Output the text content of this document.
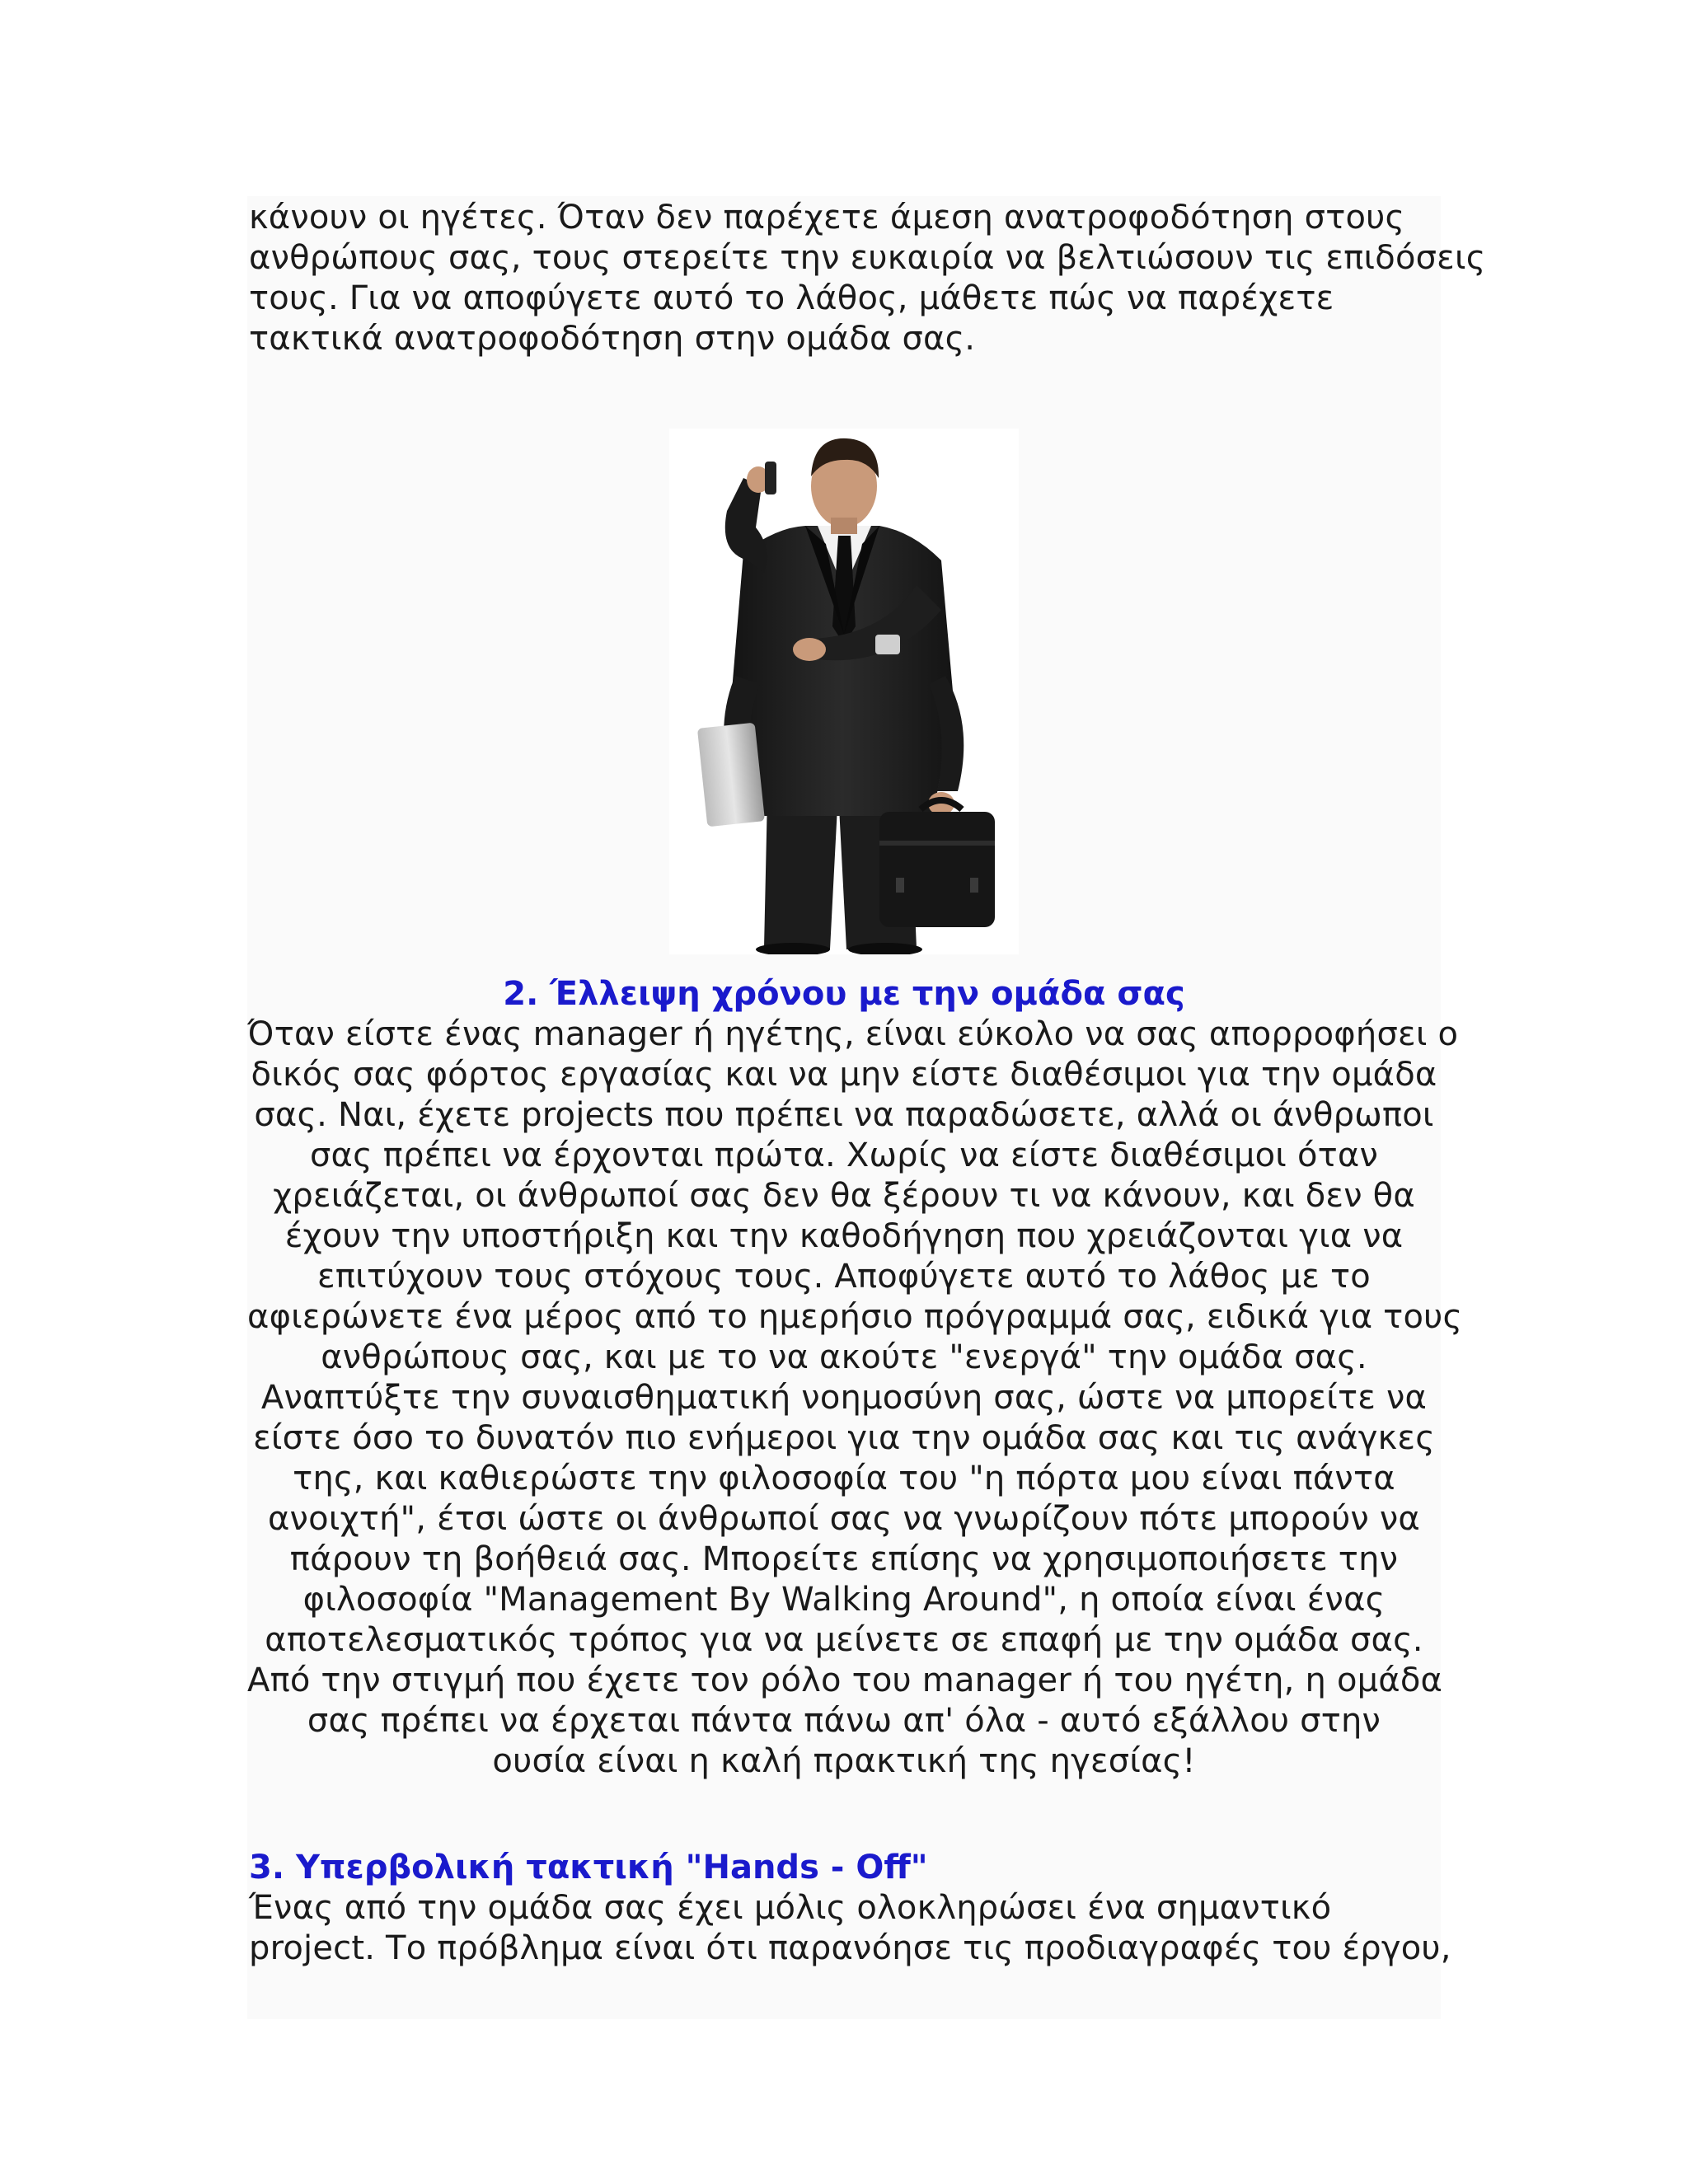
κάνουν οι ηγέτες. Όταν δεν παρέχετε άμεση ανατροφοδότηση στους
ανθρώπους σας, τους στερείτε την ευκαιρία να βελτιώσουν τις επιδόσεις
τους. Για να αποφύγετε αυτό το λάθος, μάθετε πώς να παρέχετε
τακτικά ανατροφοδότηση στην ομάδα σας.

2. Έλλειψη χρόνου με την ομάδα σας

Όταν είστε ένας manager ή ηγέτης, είναι εύκολο να σας απορροφήσει ο
δικός σας φόρτος εργασίας και να μην είστε διαθέσιμοι για την ομάδα
σας. Ναι, έχετε projects που πρέπει να παραδώσετε, αλλά οι άνθρωποι
σας πρέπει να έρχονται πρώτα. Χωρίς να είστε διαθέσιμοι όταν
χρειάζεται, οι άνθρωποί σας δεν θα ξέρουν τι να κάνουν, και δεν θα
έχουν την υποστήριξη και την καθοδήγηση που χρειάζονται για να
επιτύχουν τους στόχους τους. Αποφύγετε αυτό το λάθος με το
αφιερώνετε ένα μέρος από το ημερήσιο πρόγραμμά σας, ειδικά για τους
ανθρώπους σας, και με το να ακούτε "ενεργά" την ομάδα σας.
Αναπτύξτε την συναισθηματική νοημοσύνη σας, ώστε να μπορείτε να
είστε όσο το δυνατόν πιο ενήμεροι για την ομάδα σας και τις ανάγκες
της, και καθιερώστε την φιλοσοφία του "η πόρτα μου είναι πάντα
ανοιχτή", έτσι ώστε οι άνθρωποί σας να γνωρίζουν πότε μπορούν να
πάρουν τη βοήθειά σας. Μπορείτε επίσης να χρησιμοποιήσετε την
φιλοσοφία "Management By Walking Around", η οποία είναι ένας
αποτελεσματικός τρόπος για να μείνετε σε επαφή με την ομάδα σας.
Από την στιγμή που έχετε τον ρόλο του manager ή του ηγέτη, η ομάδα
σας πρέπει να έρχεται πάντα πάνω απ' όλα - αυτό εξάλλου στην
ουσία είναι η καλή πρακτική της ηγεσίας!

3. Υπερβολική τακτική "Hands - Off"

Ένας από την ομάδα σας έχει μόλις ολοκληρώσει ένα σημαντικό
project. Το πρόβλημα είναι ότι παρανόησε τις προδιαγραφές του έργου,
